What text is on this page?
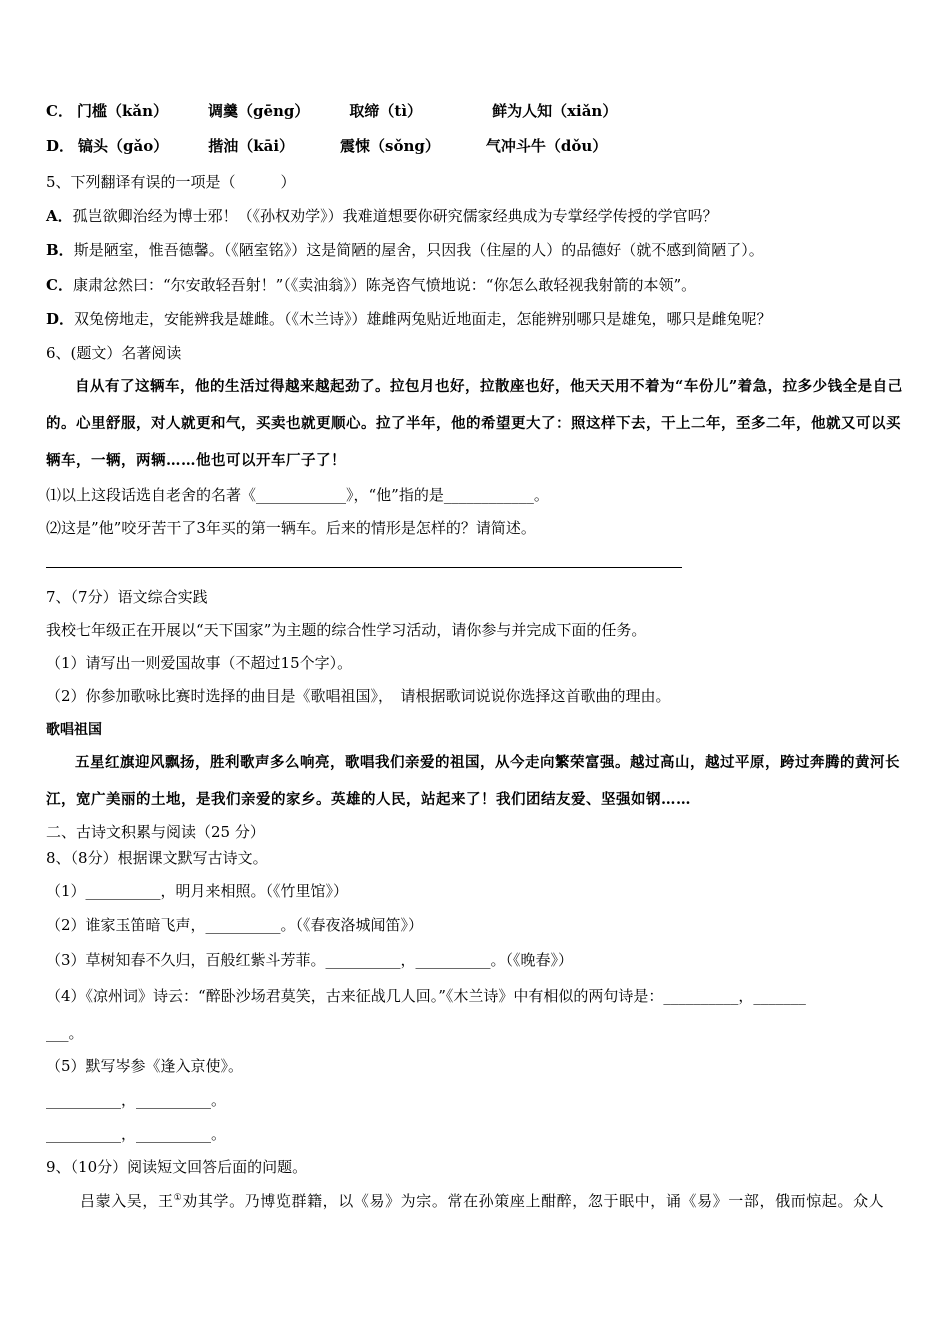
C． 门槛（kǎn）	调羹（gēng）	取缔（tì）	鲜为人知（xiǎn）
D． 镐头（gǎo）	揩油（kāi）	震悚（sǒng）	气冲斗牛（dǒu）
5、下列翻译有误的一项是（　　　）
A．孤岂欲卿治经为博士邪！（《孙权劝学》）我难道想要你研究儒家经典成为专掌经学传授的学官吗？
B．斯是陋室，惟吾德馨。（《陋室铭》）这是简陋的屋舍，只因我（住屋的人）的品德好（就不感到简陋了）。
C．康肃忿然曰：“尔安敢轻吾射！”（《卖油翁》）陈尧咨气愤地说：“你怎么敢轻视我射箭的本领”。
D．双兔傍地走，安能辨我是雄雌。（《木兰诗》）雄雌两兔贴近地面走，怎能辨别哪只是雄兔，哪只是雌兔呢？
6、(题文）名著阅读
自从有了这辆车，他的生活过得越来越起劲了。拉包月也好，拉散座也好，他天天用不着为“车份儿”着急，拉多少钱全是自己的。心里舒服，对人就更和气，买卖也就更顺心。拉了半年，他的希望更大了：照这样下去，干上二年，至多二年，他就又可以买辆车，一辆，两辆……他也可以开车厂子了！
⑴以上这段话选自老舍的名著《____________》，“他”指的是____________。
⑵这是”他”咬牙苦干了3年买的第一辆车。后来的情形是怎样的？请简述。
7、（7分）语文综合实践
我校七年级正在开展以“天下国家”为主题的综合性学习活动，请你参与并完成下面的任务。
（1）请写出一则爱国故事（不超过15个字）。
（2）你参加歌咏比赛时选择的曲目是《歌唱祖国》，　请根据歌词说说你选择这首歌曲的理由。
歌唱祖国
五星红旗迎风飘扬，胜利歌声多么响亮，歌唱我们亲爱的祖国，从今走向繁荣富强。越过高山，越过平原，跨过奔腾的黄河长江，宽广美丽的土地，是我们亲爱的家乡。英雄的人民，站起来了！我们团结友爱、坚强如钢……
二、古诗文积累与阅读（25 分）
8、（8分）根据课文默写古诗文。
（1）__________，明月来相照。（《竹里馆》）
（2）谁家玉笛暗飞声，__________。（《春夜洛城闻笛》）
（3）草树知春不久归，百般红紫斗芳菲。__________，__________。（《晚春》）
（4）《凉州词》诗云：“醉卧沙场君莫笑，古来征战几人回。”《木兰诗》中有相似的两句诗是：__________，_______
___。
（5）默写岑参《逢入京使》。
__________，__________。
__________，__________。
9、（10分）阅读短文回答后面的问题。
吕蒙入吴，王①劝其学。乃博览群籍，以《易》为宗。常在孙策座上酣醉，忽于眠中，诵《易》一部，俄而惊起。众人
